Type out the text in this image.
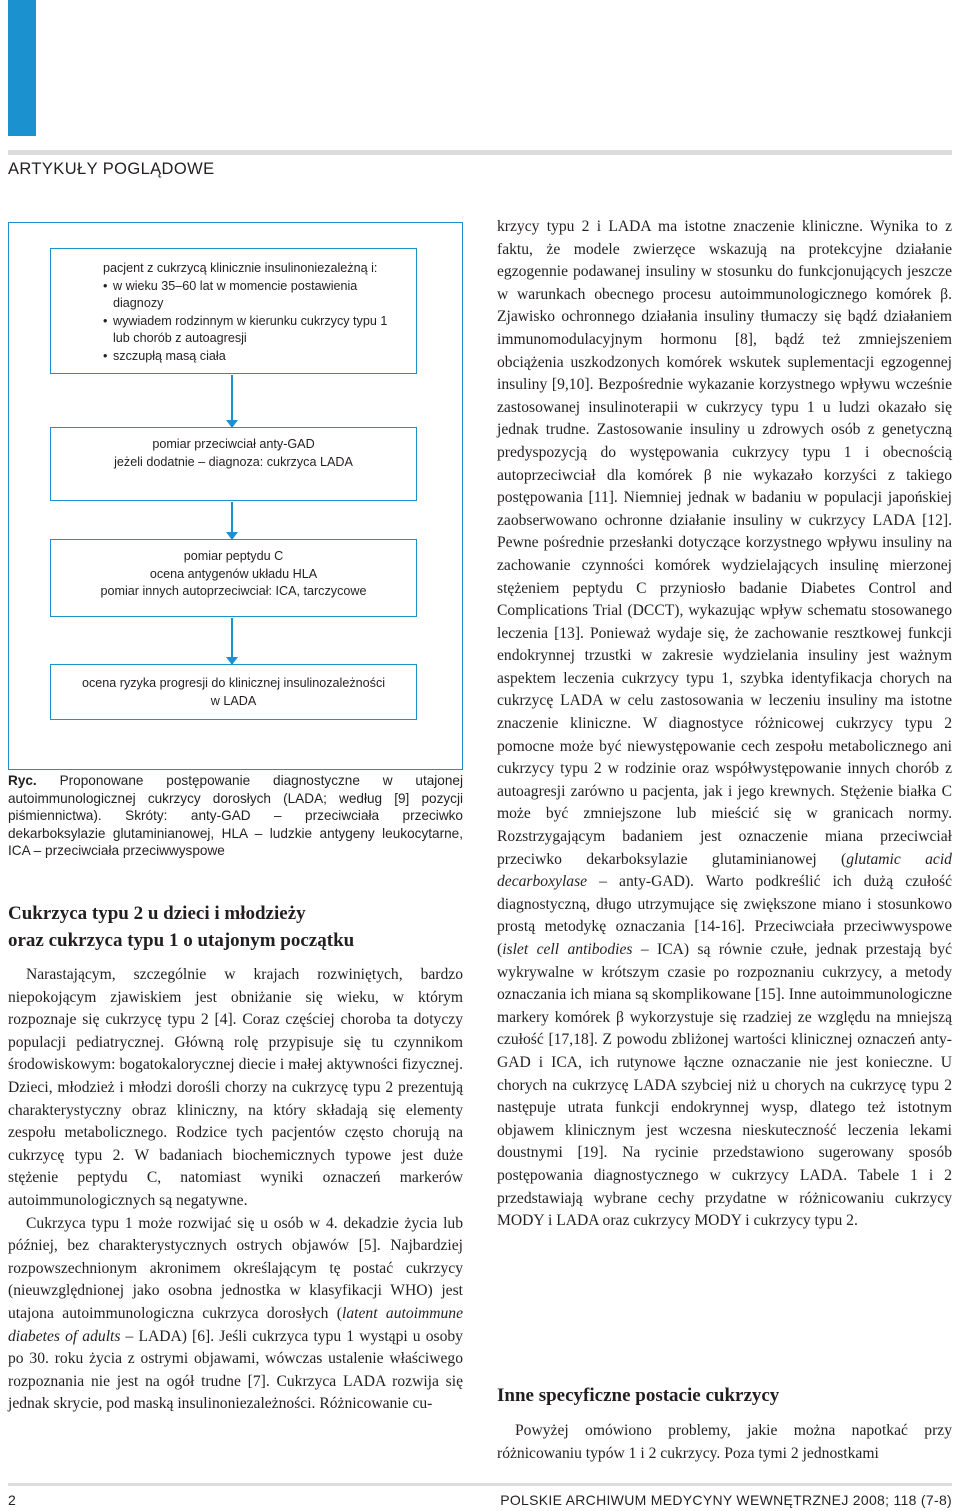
ARTYKUŁY POGLĄDOWE
pacjent z cukrzycą klinicznie insulinoniezależną i:
• w wieku 35–60 lat w momencie postawienia
diagnozy
• wywiadem rodzinnym w kierunku cukrzycy typu 1
lub chorób z autoagresji
• szczupłą masą ciała
pomiar przeciwciał anty-GAD
jeżeli dodatnie – diagnoza: cukrzyca LADA
pomiar peptydu C
ocena antygenów układu HLA
pomiar innych autoprzeciwciał: ICA, tarczycowe
ocena ryzyka progresji do klinicznej insulinozależności
w LADA
Ryc. Proponowane postępowanie diagnostyczne w utajonej autoimmunologicznej cukrzycy dorosłych (LADA; według [9] pozycji piśmiennictwa). Skróty: anty-GAD – przeciwciała przeciwko dekarboksylazie glutaminianowej, HLA – ludzkie antygeny leukocytarne, ICA – przeciwciała przeciwwyspowe
Cukrzyca typu 2 u dzieci i młodzieży
oraz cukrzyca typu 1 o utajonym początku

Narastającym, szczególnie w krajach rozwiniętych, bardzo niepokojącym zjawiskiem jest obniżanie się wieku, w którym rozpoznaje się cukrzycę typu 2 [4]. Coraz częściej choroba ta dotyczy populacji pediatrycznej. Główną rolę przypisuje się tu czynnikom środowiskowym: bogatokalorycznej diecie i małej aktywności fizycznej. Dzieci, młodzież i młodzi dorośli chorzy na cukrzycę typu 2 prezentują charakterystyczny obraz kliniczny, na który składają się elementy zespołu metabolicznego. Rodzice tych pacjentów często chorują na cukrzycę typu 2. W badaniach biochemicznych typowe jest duże stężenie peptydu C, natomiast wyniki oznaczeń markerów autoimmunologicznych są negatywne.

Cukrzyca typu 1 może rozwijać się u osób w 4. dekadzie życia lub później, bez charakterystycznych ostrych objawów [5]. Najbardziej rozpowszechnionym akronimem określającym tę postać cukrzycy (nieuwzględnionej jako osobna jednostka w klasyfikacji WHO) jest utajona autoimmunologiczna cukrzyca dorosłych (latent autoimmune diabetes of adults – LADA) [6]. Jeśli cukrzyca typu 1 wystąpi u osoby po 30. roku życia z ostrymi objawami, wówczas ustalenie właściwego rozpoznania nie jest na ogół trudne [7]. Cukrzyca LADA rozwija się jednak skrycie, pod maską insulinoniezależności. Różnicowanie cu-

krzycy typu 2 i LADA ma istotne znaczenie kliniczne. Wynika to z faktu, że modele zwierzęce wskazują na protekcyjne działanie egzogennie podawanej insuliny w stosunku do funkcjonujących jeszcze w warunkach obecnego procesu autoimmunologicznego komórek β. Zjawisko ochronnego działania insuliny tłumaczy się bądź działaniem immunomodulacyjnym hormonu [8], bądź też zmniejszeniem obciążenia uszkodzonych komórek wskutek suplementacji egzogennej insuliny [9,10]. Bezpośrednie wykazanie korzystnego wpływu wcześnie zastosowanej insulinoterapii w cukrzycy typu 1 u ludzi okazało się jednak trudne. Zastosowanie insuliny u zdrowych osób z genetyczną predyspozycją do występowania cukrzycy typu 1 i obecnością autoprzeciwciał dla komórek β nie wykazało korzyści z takiego postępowania [11]. Niemniej jednak w badaniu w populacji japońskiej zaobserwowano ochronne działanie insuliny w cukrzycy LADA [12]. Pewne pośrednie przesłanki dotyczące korzystnego wpływu insuliny na zachowanie czynności komórek wydzielających insulinę mierzonej stężeniem peptydu C przyniosło badanie Diabetes Control and Complications Trial (DCCT), wykazując wpływ schematu stosowanego leczenia [13]. Ponieważ wydaje się, że zachowanie resztkowej funkcji endokrynnej trzustki w zakresie wydzielania insuliny jest ważnym aspektem leczenia cukrzycy typu 1, szybka identyfikacja chorych na cukrzycę LADA w celu zastosowania w leczeniu insuliny ma istotne znaczenie kliniczne. W diagnostyce różnicowej cukrzycy typu 2 pomocne może być niewystępowanie cech zespołu metabolicznego ani cukrzycy typu 2 w rodzinie oraz współwystępowanie innych chorób z autoagresji zarówno u pacjenta, jak i jego krewnych. Stężenie białka C może być zmniejszone lub mieścić się w granicach normy. Rozstrzygającym badaniem jest oznaczenie miana przeciwciał przeciwko dekarboksylazie glutaminianowej (glutamic acid decarboxylase – anty-GAD). Warto podkreślić ich dużą czułość diagnostyczną, długo utrzymujące się zwiększone miano i stosunkowo prostą metodykę oznaczania [14-16]. Przeciwciała przeciwwyspowe (islet cell antibodies – ICA) są równie czułe, jednak przestają być wykrywalne w krótszym czasie po rozpoznaniu cukrzycy, a metody oznaczania ich miana są skomplikowane [15]. Inne autoimmunologiczne markery komórek β wykorzystuje się rzadziej ze względu na mniejszą czułość [17,18]. Z powodu zbliżonej wartości klinicznej oznaczeń anty-GAD i ICA, ich rutynowe łączne oznaczanie nie jest konieczne. U chorych na cukrzycę LADA szybciej niż u chorych na cukrzycę typu 2 następuje utrata funkcji endokrynnej wysp, dlatego też istotnym objawem klinicznym jest wczesna nieskuteczność leczenia lekami doustnymi [19]. Na rycinie przedstawiono sugerowany sposób postępowania diagnostycznego w cukrzycy LADA. Tabele 1 i 2 przedstawiają wybrane cechy przydatne w różnicowaniu cukrzycy MODY i LADA oraz cukrzycy MODY i cukrzycy typu 2.

Inne specyficzne postacie cukrzycy

Powyżej omówiono problemy, jakie można napotkać przy różnicowaniu typów 1 i 2 cukrzycy. Poza tymi 2 jednostkami

2	POLSKIE ARCHIWUM MEDYCYNY WEWNĘTRZNEJ 2008; 118 (7-8)
